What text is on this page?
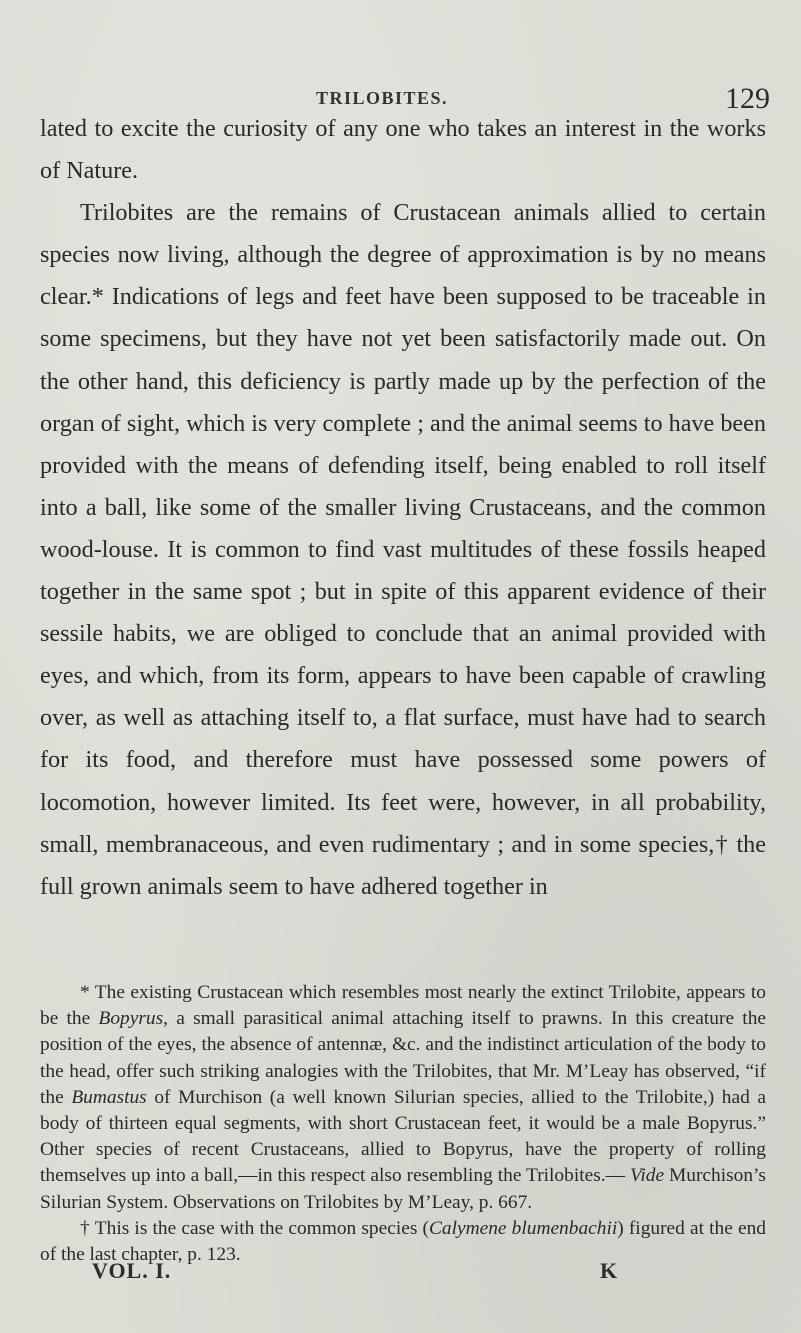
TRILOBITES.	129

lated to excite the curiosity of any one who takes an interest in the works of Nature.

Trilobites are the remains of Crustacean animals allied to certain species now living, although the degree of approximation is by no means clear.* Indications of legs and feet have been supposed to be traceable in some specimens, but they have not yet been satisfactorily made out. On the other hand, this deficiency is partly made up by the perfection of the organ of sight, which is very complete ; and the animal seems to have been provided with the means of defending itself, being enabled to roll itself into a ball, like some of the smaller living Crustaceans, and the common wood-louse. It is common to find vast multitudes of these fossils heaped together in the same spot ; but in spite of this apparent evidence of their sessile habits, we are obliged to conclude that an animal provided with eyes, and which, from its form, appears to have been capable of crawling over, as well as attaching itself to, a flat surface, must have had to search for its food, and therefore must have possessed some powers of locomotion, however limited. Its feet were, however, in all probability, small, membranaceous, and even rudimentary ; and in some species,† the full grown animals seem to have adhered together in

* The existing Crustacean which resembles most nearly the extinct Trilobite, appears to be the Bopyrus, a small parasitical animal attaching itself to prawns. In this creature the position of the eyes, the absence of antennæ, &c. and the indistinct articulation of the body to the head, offer such striking analogies with the Trilobites, that Mr. M’Leay has observed, “if the Bumastus of Murchison (a well known Silurian species, allied to the Trilobite,) had a body of thirteen equal segments, with short Crustacean feet, it would be a male Bopyrus.” Other species of recent Crustaceans, allied to Bopyrus, have the property of rolling themselves up into a ball,—in this respect also resembling the Trilobites.— Vide Murchison’s Silurian System. Observations on Trilobites by M’Leay, p. 667.

† This is the case with the common species (Calymene blumenbachii) figured at the end of the last chapter, p. 123.

VOL. I.	K
